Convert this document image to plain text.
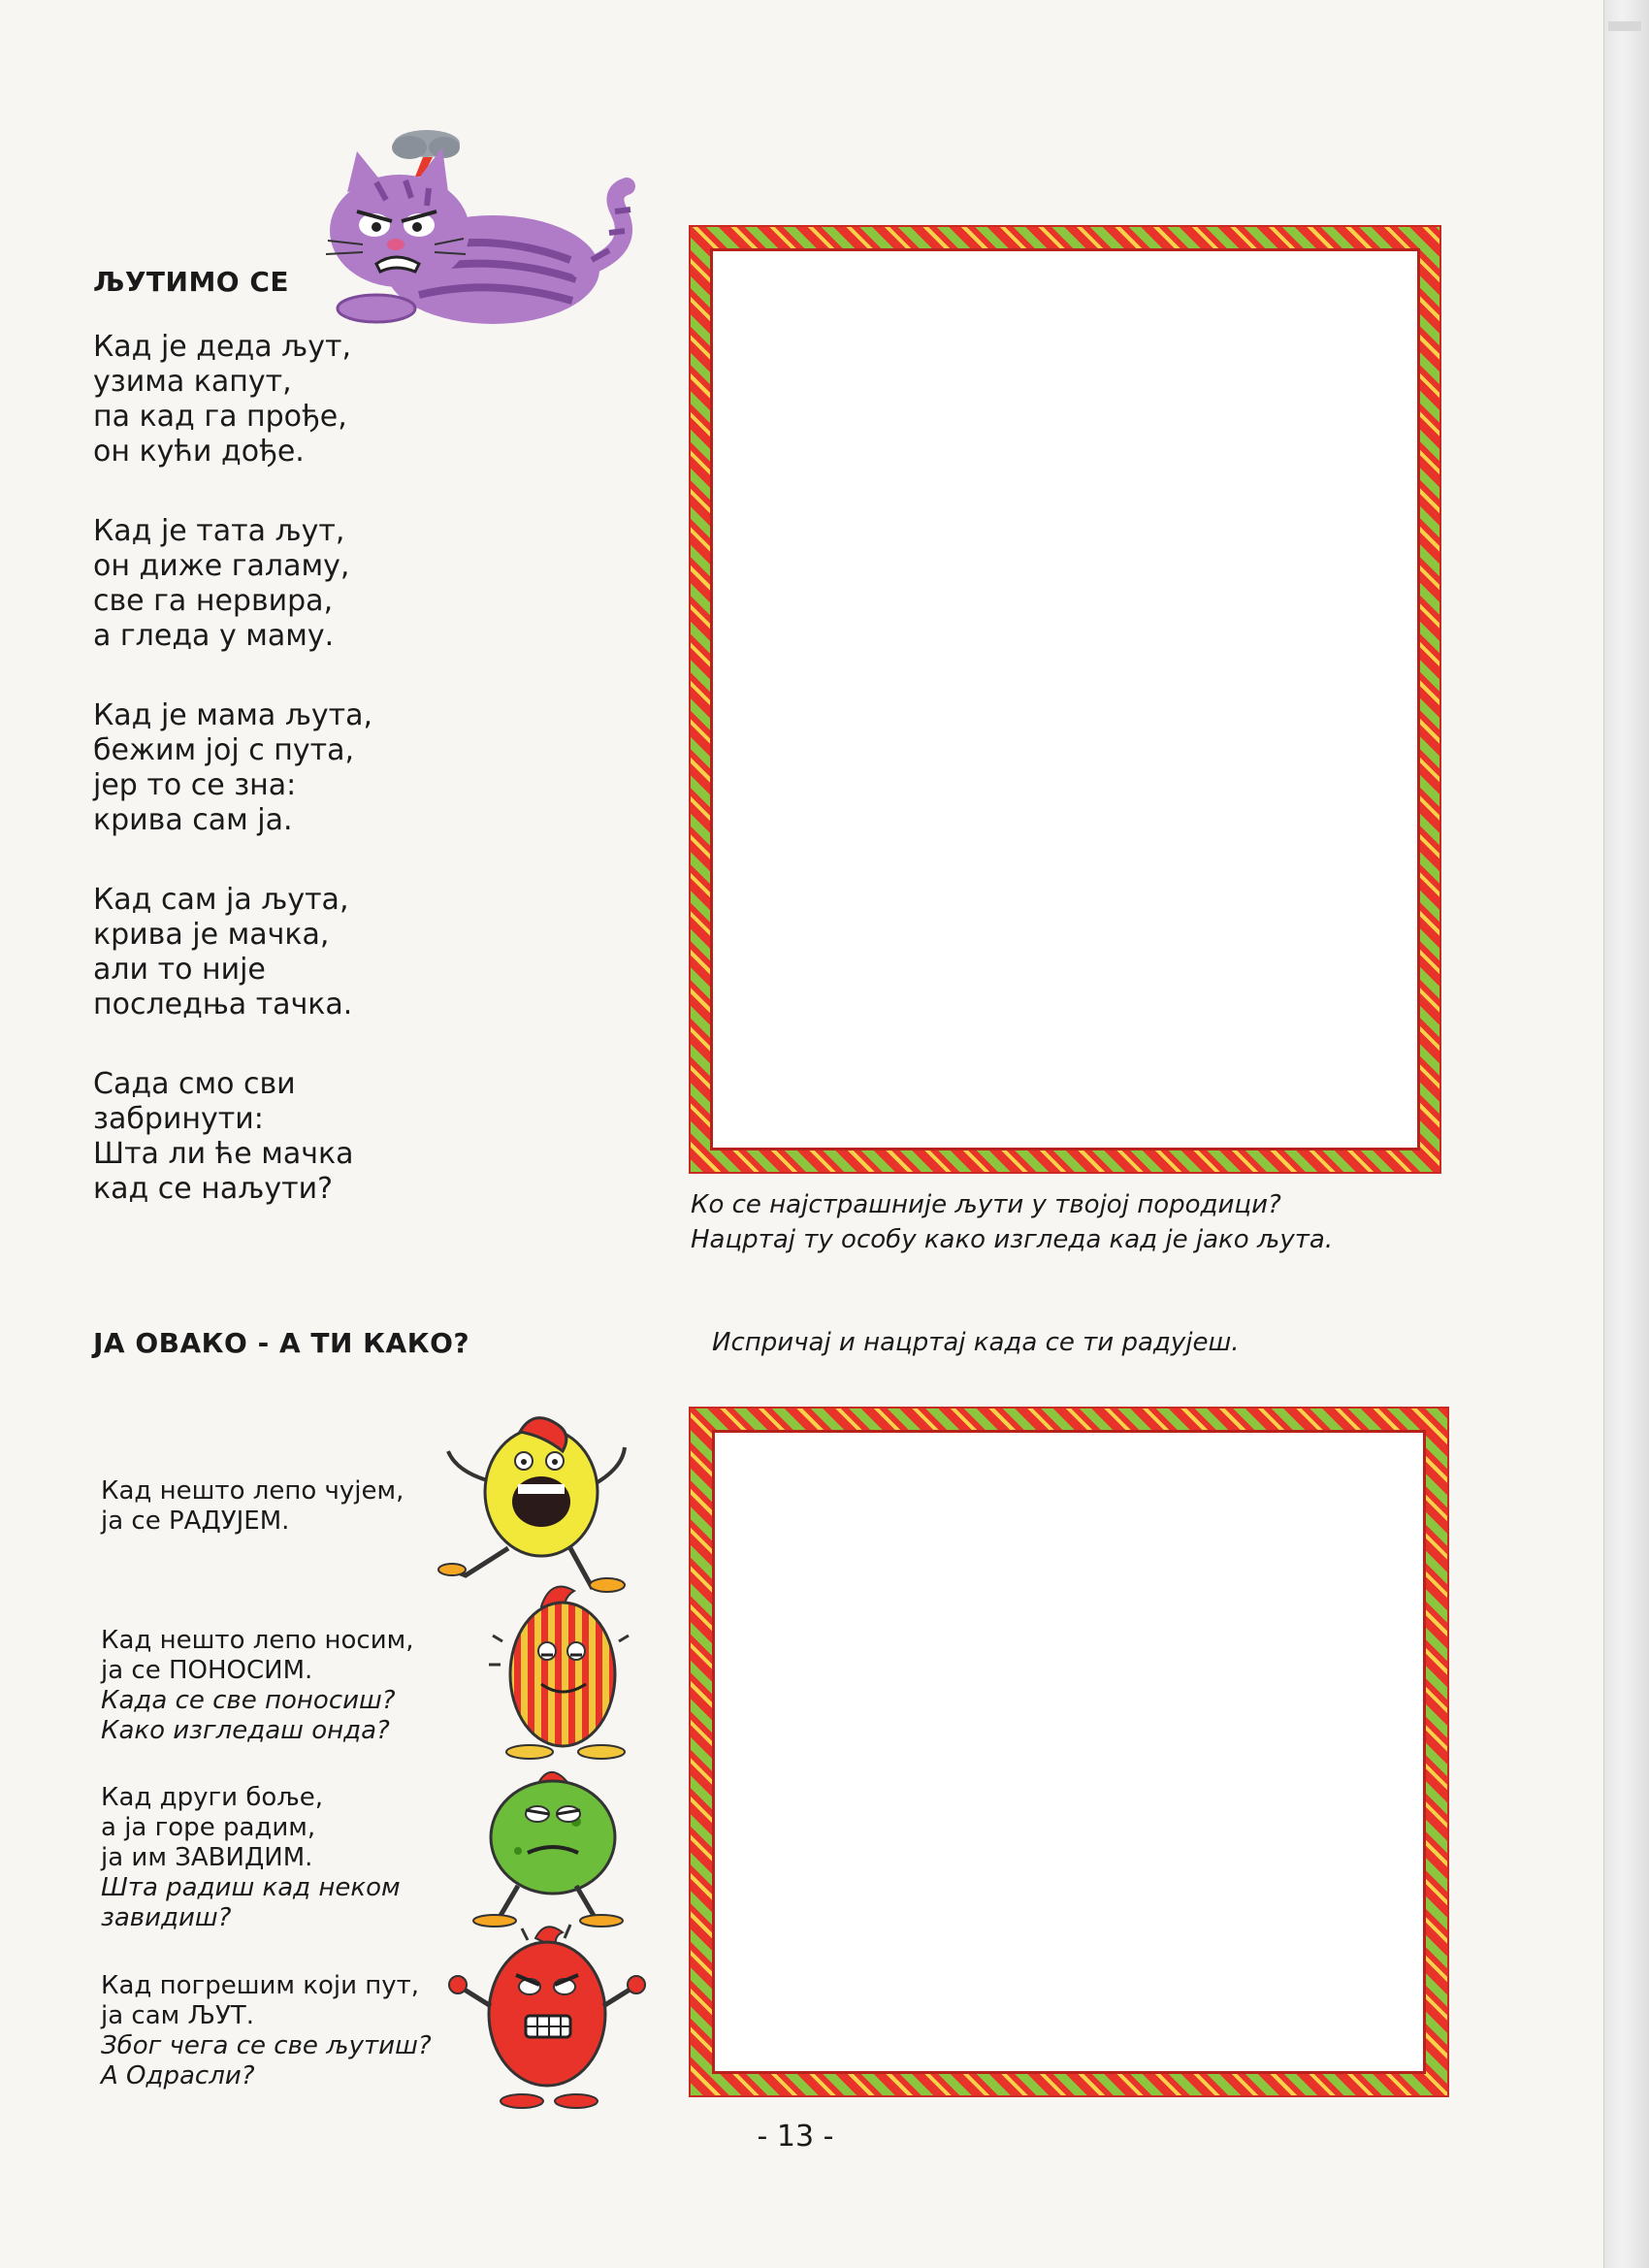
ЉУТИМО СЕ
Кад је деда љут,
узима капут,
па кад га прође,
он кући дође.
Кад је тата љут,
он диже галаму,
све га нервира,
а гледа у маму.
Кад је мама љута,
бежим јој с пута,
јер то се зна:
крива сам ја.
Кад сам ја љута,
крива је мачка,
али то није
последња тачка.
Сада смо сви
забринути:
Шта ли ће мачка
кад се наљути?	Ко се најстрашније љути у твојој породици?
Нацртај ту особу како изгледа кад је јако љута.
ЈА ОВАКО - А ТИ КАКО?	Испричај и нацртај када се ти радујеш.
Кад нешто лепо чујем,
ја се РАДУЈЕМ.
Кад нешто лепо носим,
ја се ПОНОСИМ.
Када се све поносиш?
Како изгледаш онда?
Кад други боље,
а ја горе радим,
ја им ЗАВИДИМ.
Шта радиш кад неком
завидиш?
Кад погрешим који пут,
ја сам ЉУТ.
Због чега се све љутиш?
А Одрасли?
- 13 -
